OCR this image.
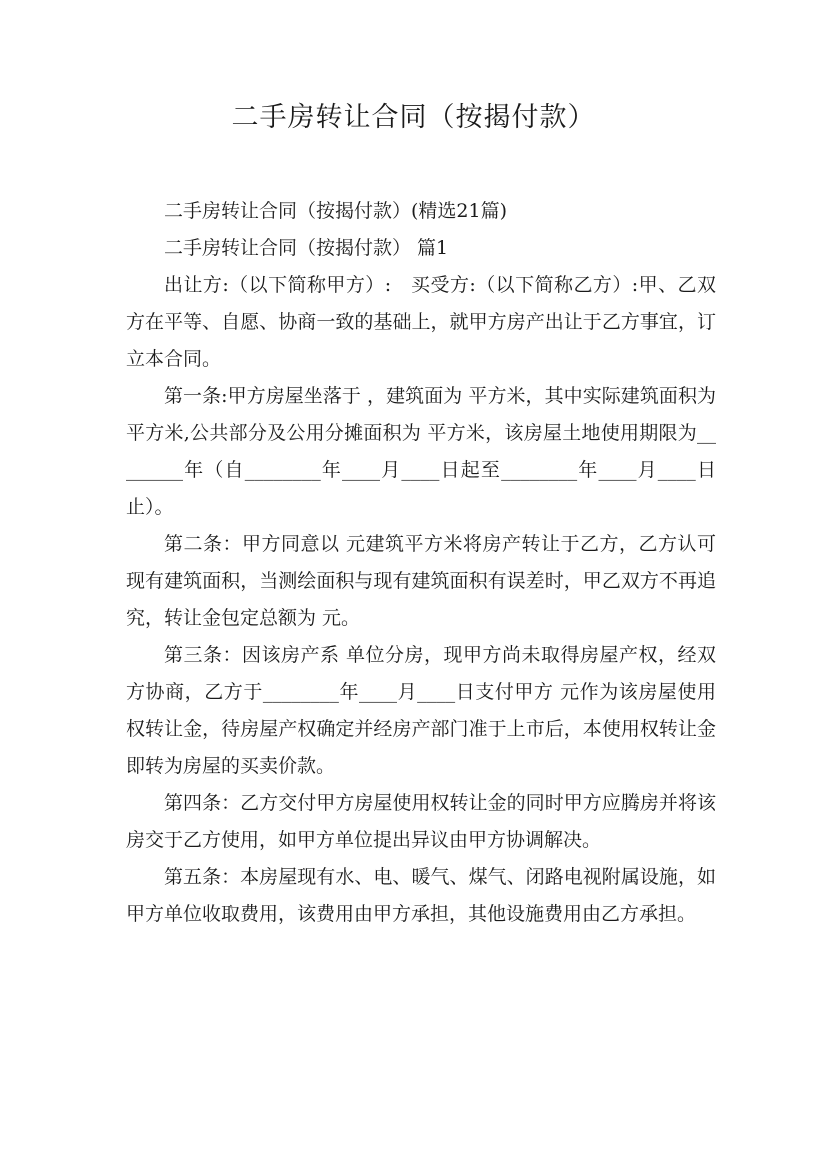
二手房转让合同（按揭付款）

二手房转让合同（按揭付款）(精选21篇)

二手房转让合同（按揭付款） 篇1

出让方:（以下简称甲方）:　买受方:（以下简称乙方）:甲、乙双方在平等、自愿、协商一致的基础上，就甲方房产出让于乙方事宜，订立本合同。

第一条:甲方房屋坐落于 ，建筑面为 平方米，其中实际建筑面积为 平方米,公共部分及公用分摊面积为 平方米，该房屋土地使用期限为________年（自________年____月____日起至________年____月____日止）。

第二条：甲方同意以 元建筑平方米将房产转让于乙方，乙方认可现有建筑面积，当测绘面积与现有建筑面积有误差时，甲乙双方不再追究，转让金包定总额为 元。

第三条：因该房产系 单位分房，现甲方尚未取得房屋产权，经双方协商，乙方于________年____月____日支付甲方 元作为该房屋使用权转让金，待房屋产权确定并经房产部门准于上市后，本使用权转让金即转为房屋的买卖价款。

第四条：乙方交付甲方房屋使用权转让金的同时甲方应腾房并将该房交于乙方使用，如甲方单位提出异议由甲方协调解决。

第五条：本房屋现有水、电、暖气、煤气、闭路电视附属设施，如甲方单位收取费用，该费用由甲方承担，其他设施费用由乙方承担。
